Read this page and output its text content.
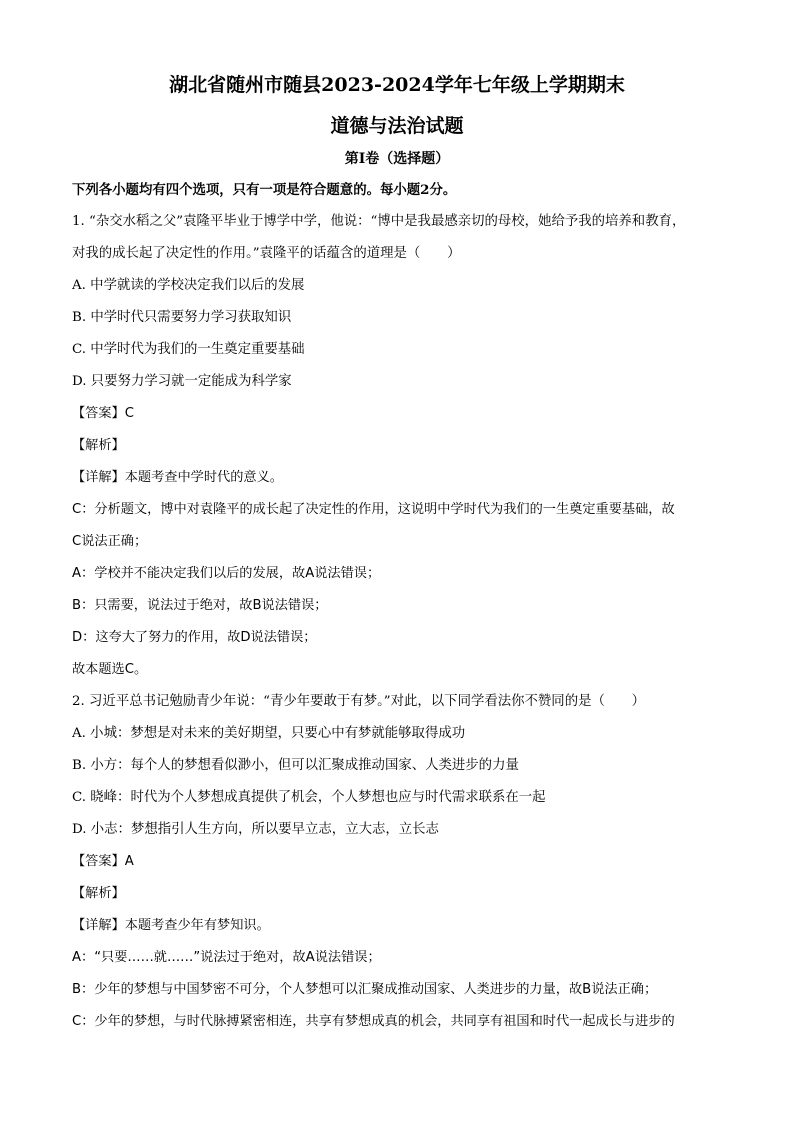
湖北省随州市随县2023-2024学年七年级上学期期末
道德与法治试题
第Ⅰ卷（选择题）
下列各小题均有四个选项，只有一项是符合题意的。每小题2分。
1. “杂交水稻之父”袁隆平毕业于博学中学，他说：“博中是我最感亲切的母校，她给予我的培养和教育，
对我的成长起了决定性的作用。”袁隆平的话蕴含的道理是（　　）
A. 中学就读的学校决定我们以后的发展
B. 中学时代只需要努力学习获取知识
C. 中学时代为我们的一生奠定重要基础
D. 只要努力学习就一定能成为科学家
【答案】C
【解析】
【详解】本题考查中学时代的意义。
C：分析题文，博中对袁隆平的成长起了决定性的作用，这说明中学时代为我们的一生奠定重要基础，故
C说法正确；
A：学校并不能决定我们以后的发展，故A说法错误；
B：只需要，说法过于绝对，故B说法错误；
D：这夸大了努力的作用，故D说法错误；
故本题选C。
2. 习近平总书记勉励青少年说：“青少年要敢于有梦。”对此，以下同学看法你不赞同的是（　　）
A. 小城：梦想是对未来的美好期望，只要心中有梦就能够取得成功
B. 小方：每个人的梦想看似渺小，但可以汇聚成推动国家、人类进步的力量
C. 晓峰：时代为个人梦想成真提供了机会，个人梦想也应与时代需求联系在一起
D. 小志：梦想指引人生方向，所以要早立志，立大志，立长志
【答案】A
【解析】
【详解】本题考查少年有梦知识。
A：“只要……就……”说法过于绝对，故A说法错误；
B：少年的梦想与中国梦密不可分，个人梦想可以汇聚成推动国家、人类进步的力量，故B说法正确；
C：少年的梦想，与时代脉搏紧密相连，共享有梦想成真的机会，共同享有祖国和时代一起成长与进步的
